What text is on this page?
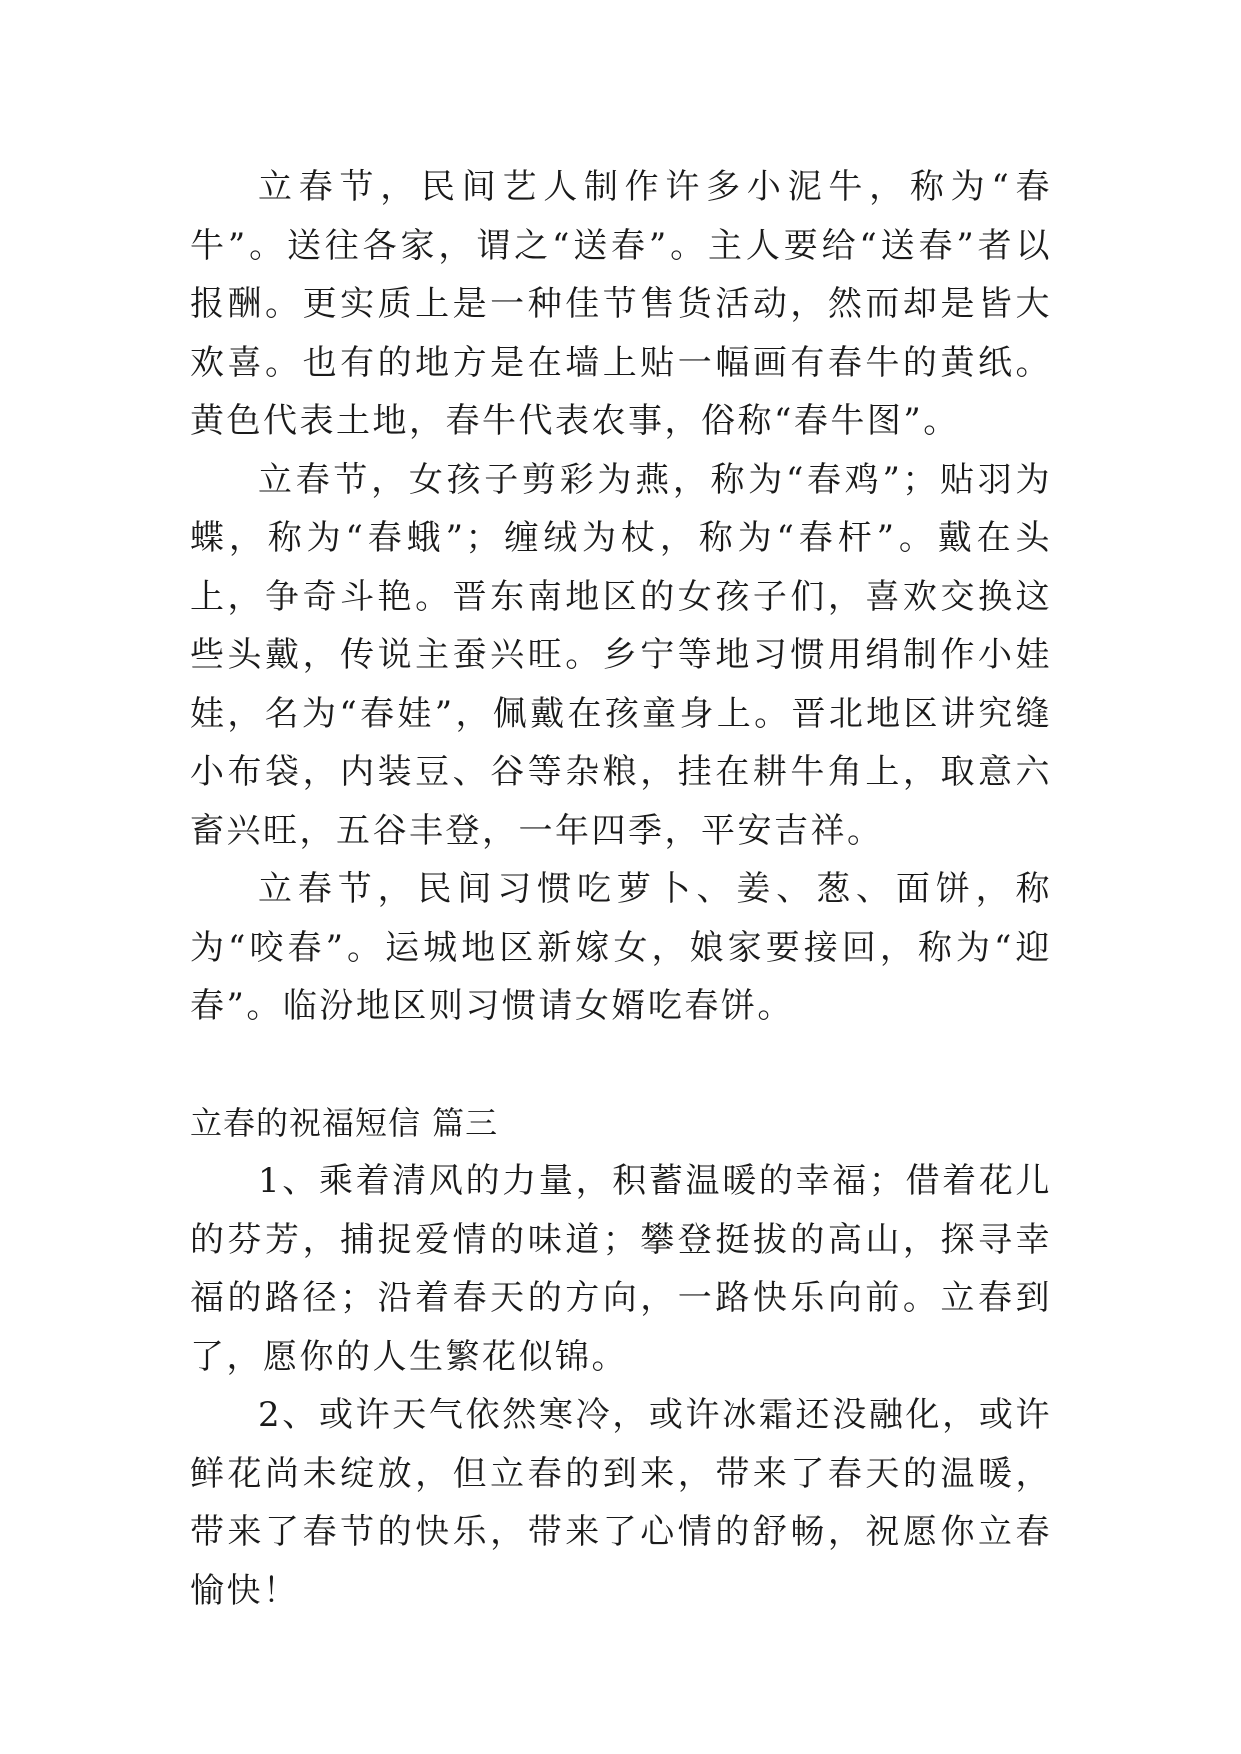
立春节，民间艺人制作许多小泥牛，称为“春牛”。送往各家，谓之“送春”。主人要给“送春”者以报酬。更实质上是一种佳节售货活动，然而却是皆大欢喜。也有的地方是在墙上贴一幅画有春牛的黄纸。黄色代表土地，春牛代表农事，俗称“春牛图”。

立春节，女孩子剪彩为燕，称为“春鸡”；贴羽为蝶，称为“春蛾”；缠绒为杖，称为“春杆”。戴在头上，争奇斗艳。晋东南地区的女孩子们，喜欢交换这些头戴，传说主蚕兴旺。乡宁等地习惯用绢制作小娃娃，名为“春娃”，佩戴在孩童身上。晋北地区讲究缝小布袋，内装豆、谷等杂粮，挂在耕牛角上，取意六畜兴旺，五谷丰登，一年四季，平安吉祥。

立春节，民间习惯吃萝卜、姜、葱、面饼，称为“咬春”。运城地区新嫁女，娘家要接回，称为“迎春”。临汾地区则习惯请女婿吃春饼。

立春的祝福短信 篇三

1、乘着清风的力量，积蓄温暖的幸福；借着花儿的芬芳，捕捉爱情的味道；攀登挺拔的高山，探寻幸福的路径；沿着春天的方向，一路快乐向前。立春到了，愿你的人生繁花似锦。

2、或许天气依然寒冷，或许冰霜还没融化，或许鲜花尚未绽放，但立春的到来，带来了春天的温暖，带来了春节的快乐，带来了心情的舒畅，祝愿你立春愉快！
